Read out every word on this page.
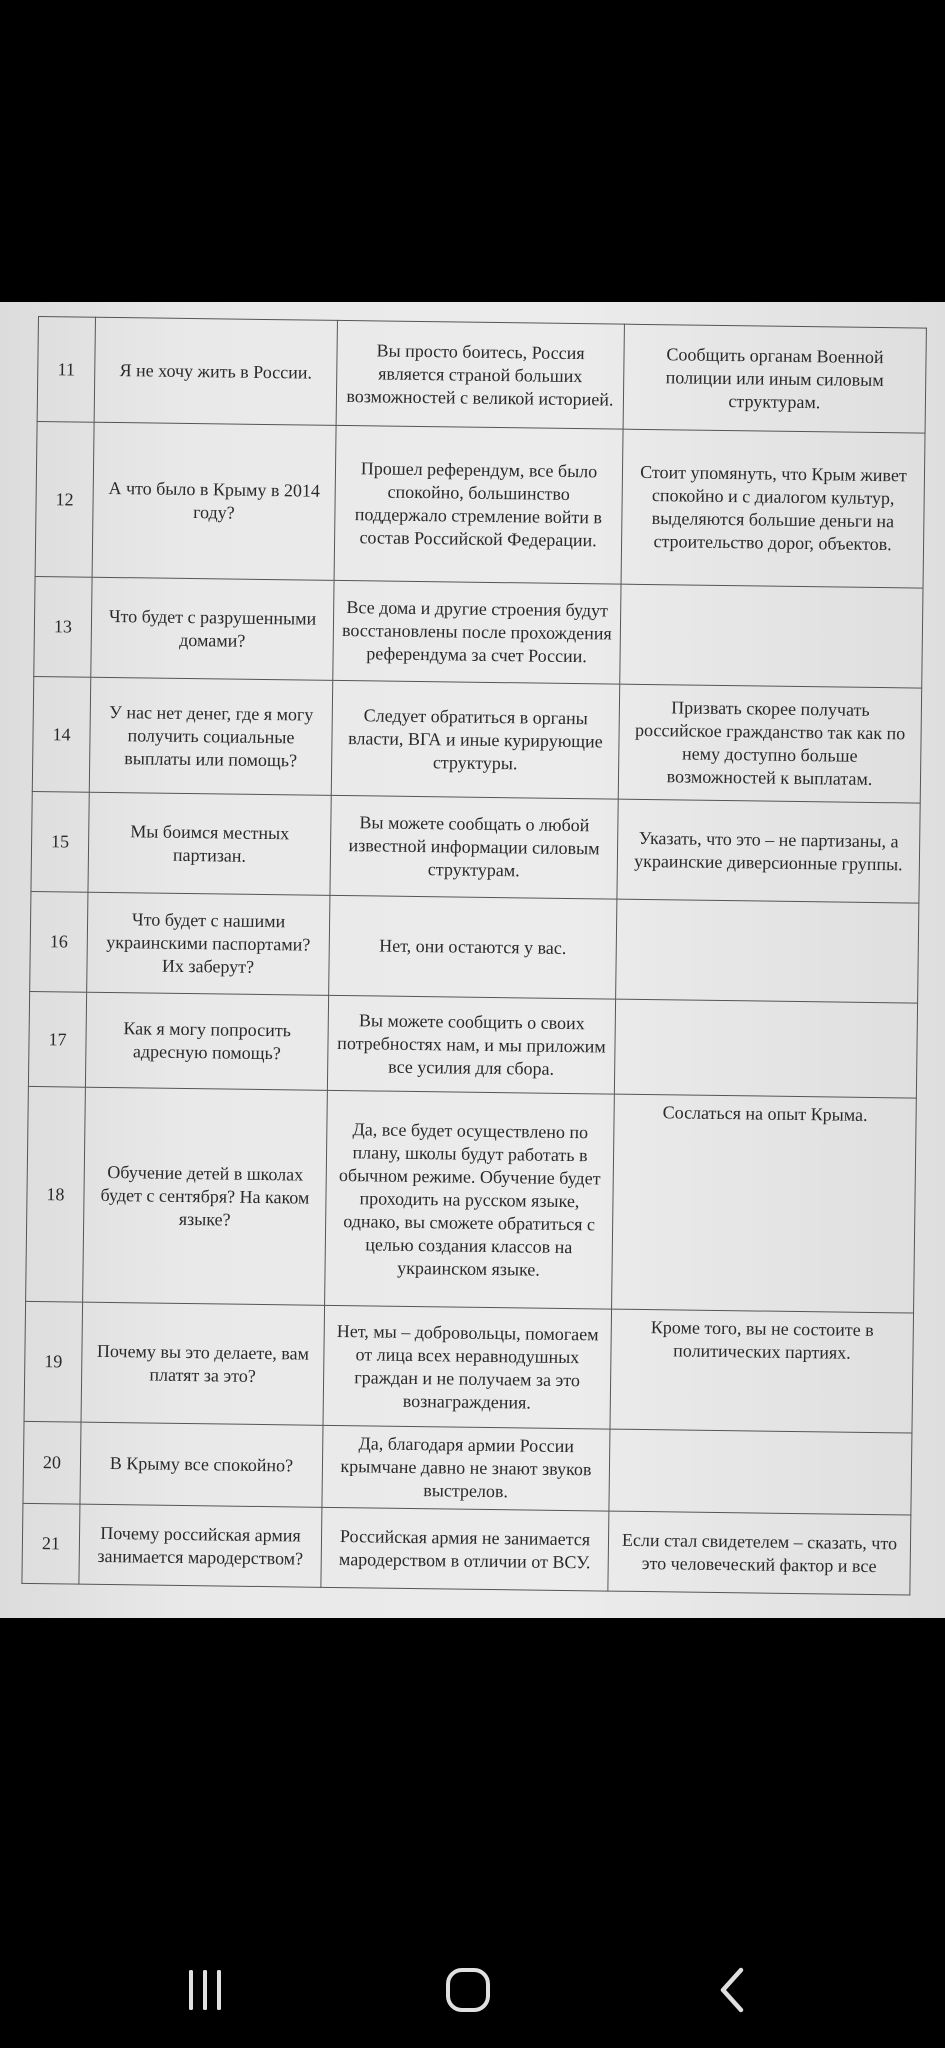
11	Я не хочу жить в России.	Вы просто боитесь, Россия является страной больших возможностей с великой историей.	Сообщить органам Военной полиции или иным силовым структурам.
12	А что было в Крыму в 2014 году?	Прошел референдум, все было спокойно, большинство поддержало стремление войти в состав Российской Федерации.	Стоит упомянуть, что Крым живет спокойно и с диалогом культур, выделяются большие деньги на строительство дорог, объектов.
13	Что будет с разрушенными домами?	Все дома и другие строения будут восстановлены после прохождения референдума за счет России.	
14	У нас нет денег, где я могу получить социальные выплаты или помощь?	Следует обратиться в органы власти, ВГА и иные курирующие структуры.	Призвать скорее получать российское гражданство так как по нему доступно больше возможностей к выплатам.
15	Мы боимся местных партизан.	Вы можете сообщать о любой известной информации силовым структурам.	Указать, что это – не партизаны, а украинские диверсионные группы.
16	Что будет с нашими украинскими паспортами? Их заберут?	Нет, они остаются у вас.	
17	Как я могу попросить адресную помощь?	Вы можете сообщить о своих потребностях нам, и мы приложим все усилия для сбора.	
18	Обучение детей в школах будет с сентября? На каком языке?	Да, все будет осуществлено по плану, школы будут работать в обычном режиме. Обучение будет проходить на русском языке, однако, вы сможете обратиться с целью создания классов на украинском языке.	Сослаться на опыт Крыма.
19	Почему вы это делаете, вам платят за это?	Нет, мы – добровольцы, помогаем от лица всех неравнодушных граждан и не получаем за это вознаграждения.	Кроме того, вы не состоите в политических партиях.
20	В Крыму все спокойно?	Да, благодаря армии России крымчане давно не знают звуков выстрелов.	
21	Почему российская армия занимается мародерством?	Российская армия не занимается мародерством в отличии от ВСУ.	Если стал свидетелем – сказать, что это человеческий фактор и все
